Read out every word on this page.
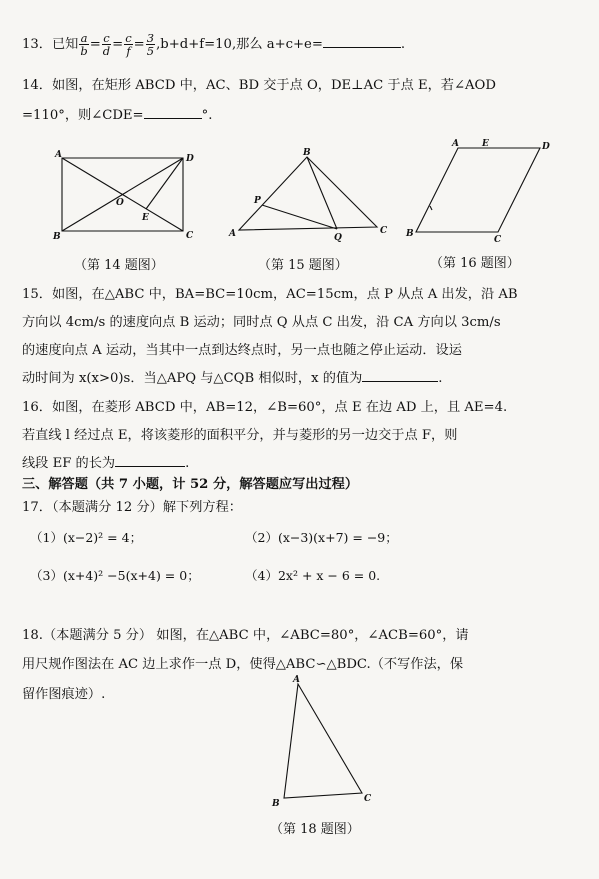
13．已知 $\frac{a}{b} = \frac{c}{d} = \frac{c}{f} = \frac{3}{5} ,b+d+f=10$,那么 a+c+e=	.
14．如图，在矩形 ABCD 中，AC、BD 交于点 O，DE⊥AC 于点 E，若∠AOD
=110°，则∠CDE=	°.
A	D
B	C
O
E
（第 14 题图）
B
A	C
P
Q
（第 15 题图）
A	E	D
B
C
（第 16 题图）
15．如图，在△ABC 中，BA=BC=10cm，AC=15cm，点 P 从点 A 出发，沿 AB
方向以 4cm/s 的速度向点 B 运动；同时点 Q 从点 C 出发，沿 CA 方向以 3cm/s
的速度向点 A 运动，当其中一点到达终点时，另一点也随之停止运动．设运
动时间为 x(x>0)s．当△APQ 与△CQB 相似时，x 的值为	.
16．如图，在菱形 ABCD 中，AB=12，∠B=60°，点 E 在边 AD 上，且 AE=4.
若直线 l 经过点 E，将该菱形的面积平分，并与菱形的另一边交于点 F，则
线段 EF 的长为	.
三、解答题（共 7 小题，计 52 分，解答题应写出过程）
17．（本题满分 12 分）解下列方程：
（1）(x−2)² = 4；	（2）(x−3)(x+7) = −9；
（3）(x+4)² −5(x+4) = 0；	（4）2x² + x − 6 = 0.
18.（本题满分 5 分） 如图，在△ABC 中，∠ABC=80°，∠ACB=60°，请
用尺规作图法在 AC 边上求作一点 D，使得△ABC∽△BDC.（不写作法，保
留作图痕迹）.
A
B	C
（第 18 题图）
